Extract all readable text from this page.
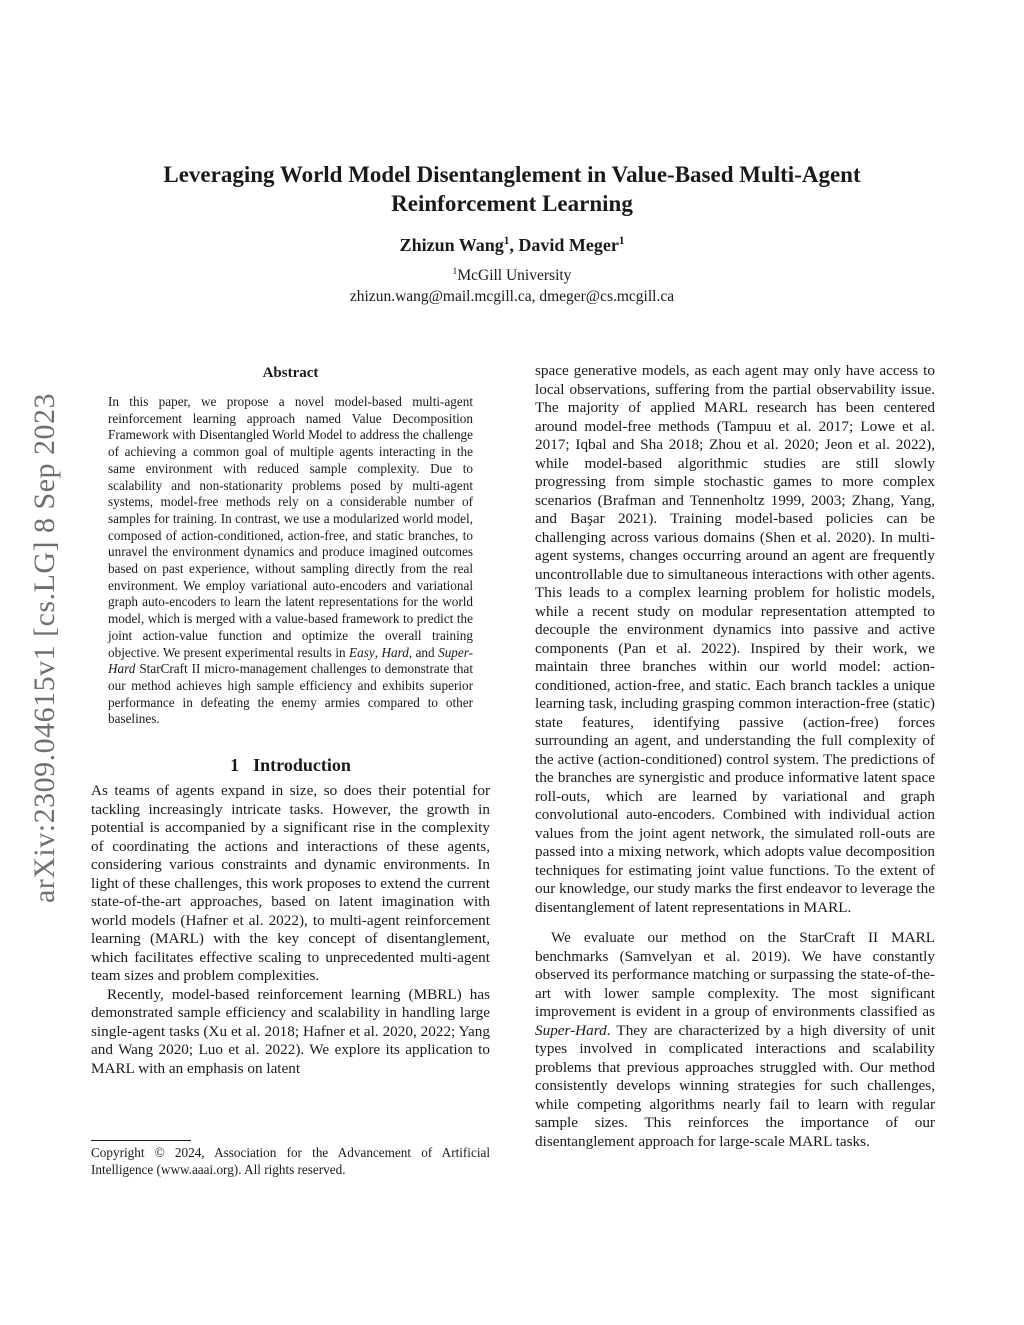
arXiv:2309.04615v1 [cs.LG] 8 Sep 2023
Leveraging World Model Disentanglement in Value-Based Multi-Agent
Reinforcement Learning
Zhizun Wang$^1$, David Meger$^1$
$^1$McGill University
zhizun.wang@mail.mcgill.ca, dmeger@cs.mcgill.ca
Abstract

In this paper, we propose a novel model-based multi-agent reinforcement learning approach named Value Decomposition Framework with Disentangled World Model to address the challenge of achieving a common goal of multiple agents interacting in the same environment with reduced sample complexity. Due to scalability and non-stationarity problems posed by multi-agent systems, model-free methods rely on a considerable number of samples for training. In contrast, we use a modularized world model, composed of action-conditioned, action-free, and static branches, to unravel the environment dynamics and produce imagined outcomes based on past experience, without sampling directly from the real environment. We employ variational auto-encoders and variational graph auto-encoders to learn the latent representations for the world model, which is merged with a value-based framework to predict the joint action-value function and optimize the overall training objective. We present experimental results in Easy, Hard, and Super-Hard StarCraft II micro-management challenges to demonstrate that our method achieves high sample efficiency and exhibits superior performance in defeating the enemy armies compared to other baselines.

1 Introduction

As teams of agents expand in size, so does their potential for tackling increasingly intricate tasks. However, the growth in potential is accompanied by a significant rise in the complexity of coordinating the actions and interactions of these agents, considering various constraints and dynamic environments. In light of these challenges, this work proposes to extend the current state-of-the-art approaches, based on latent imagination with world models (Hafner et al. 2022), to multi-agent reinforcement learning (MARL) with the key concept of disentanglement, which facilitates effective scaling to unprecedented multi-agent team sizes and problem complexities.

Recently, model-based reinforcement learning (MBRL) has demonstrated sample efficiency and scalability in handling large single-agent tasks (Xu et al. 2018; Hafner et al. 2020, 2022; Yang and Wang 2020; Luo et al. 2022). We explore its application to MARL with an emphasis on latent

Copyright © 2024, Association for the Advancement of Artificial Intelligence (www.aaai.org). All rights reserved.

space generative models, as each agent may only have access to local observations, suffering from the partial observability issue. The majority of applied MARL research has been centered around model-free methods (Tampuu et al. 2017; Lowe et al. 2017; Iqbal and Sha 2018; Zhou et al. 2020; Jeon et al. 2022), while model-based algorithmic studies are still slowly progressing from simple stochastic games to more complex scenarios (Brafman and Tennenholtz 1999, 2003; Zhang, Yang, and Başar 2021). Training model-based policies can be challenging across various domains (Shen et al. 2020). In multi-agent systems, changes occurring around an agent are frequently uncontrollable due to simultaneous interactions with other agents. This leads to a complex learning problem for holistic models, while a recent study on modular representation attempted to decouple the environment dynamics into passive and active components (Pan et al. 2022). Inspired by their work, we maintain three branches within our world model: action-conditioned, action-free, and static. Each branch tackles a unique learning task, including grasping common interaction-free (static) state features, identifying passive (action-free) forces surrounding an agent, and understanding the full complexity of the active (action-conditioned) control system. The predictions of the branches are synergistic and produce informative latent space roll-outs, which are learned by variational and graph convolutional auto-encoders. Combined with individual action values from the joint agent network, the simulated roll-outs are passed into a mixing network, which adopts value decomposition techniques for estimating joint value functions. To the extent of our knowledge, our study marks the first endeavor to leverage the disentanglement of latent representations in MARL.

We evaluate our method on the StarCraft II MARL benchmarks (Samvelyan et al. 2019). We have constantly observed its performance matching or surpassing the state-of-the-art with lower sample complexity. The most significant improvement is evident in a group of environments classified as Super-Hard. They are characterized by a high diversity of unit types involved in complicated interactions and scalability problems that previous approaches struggled with. Our method consistently develops winning strategies for such challenges, while competing algorithms nearly fail to learn with regular sample sizes. This reinforces the importance of our disentanglement approach for large-scale MARL tasks.
